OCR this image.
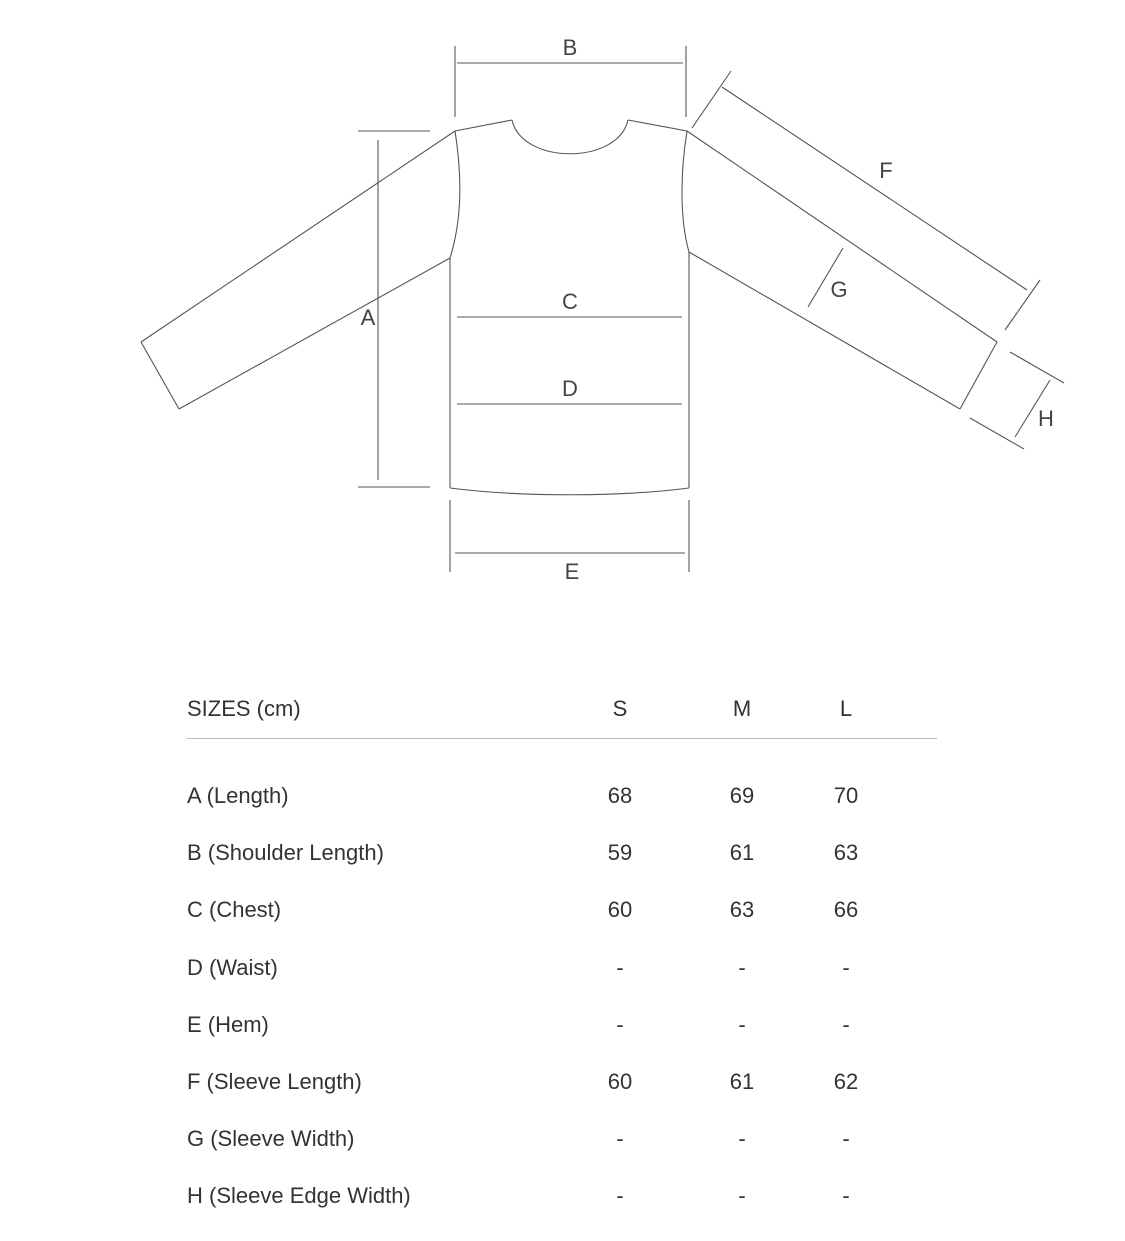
B
A
C
D
E
F
G
H
SIZES (cm)	S	M	L
A (Length)	68	69	70
B (Shoulder Length)	59	61	63
C (Chest)	60	63	66
D (Waist)	-	-	-
E (Hem)	-	-	-
F (Sleeve Length)	60	61	62
G (Sleeve Width)	-	-	-
H (Sleeve Edge Width)	-	-	-
